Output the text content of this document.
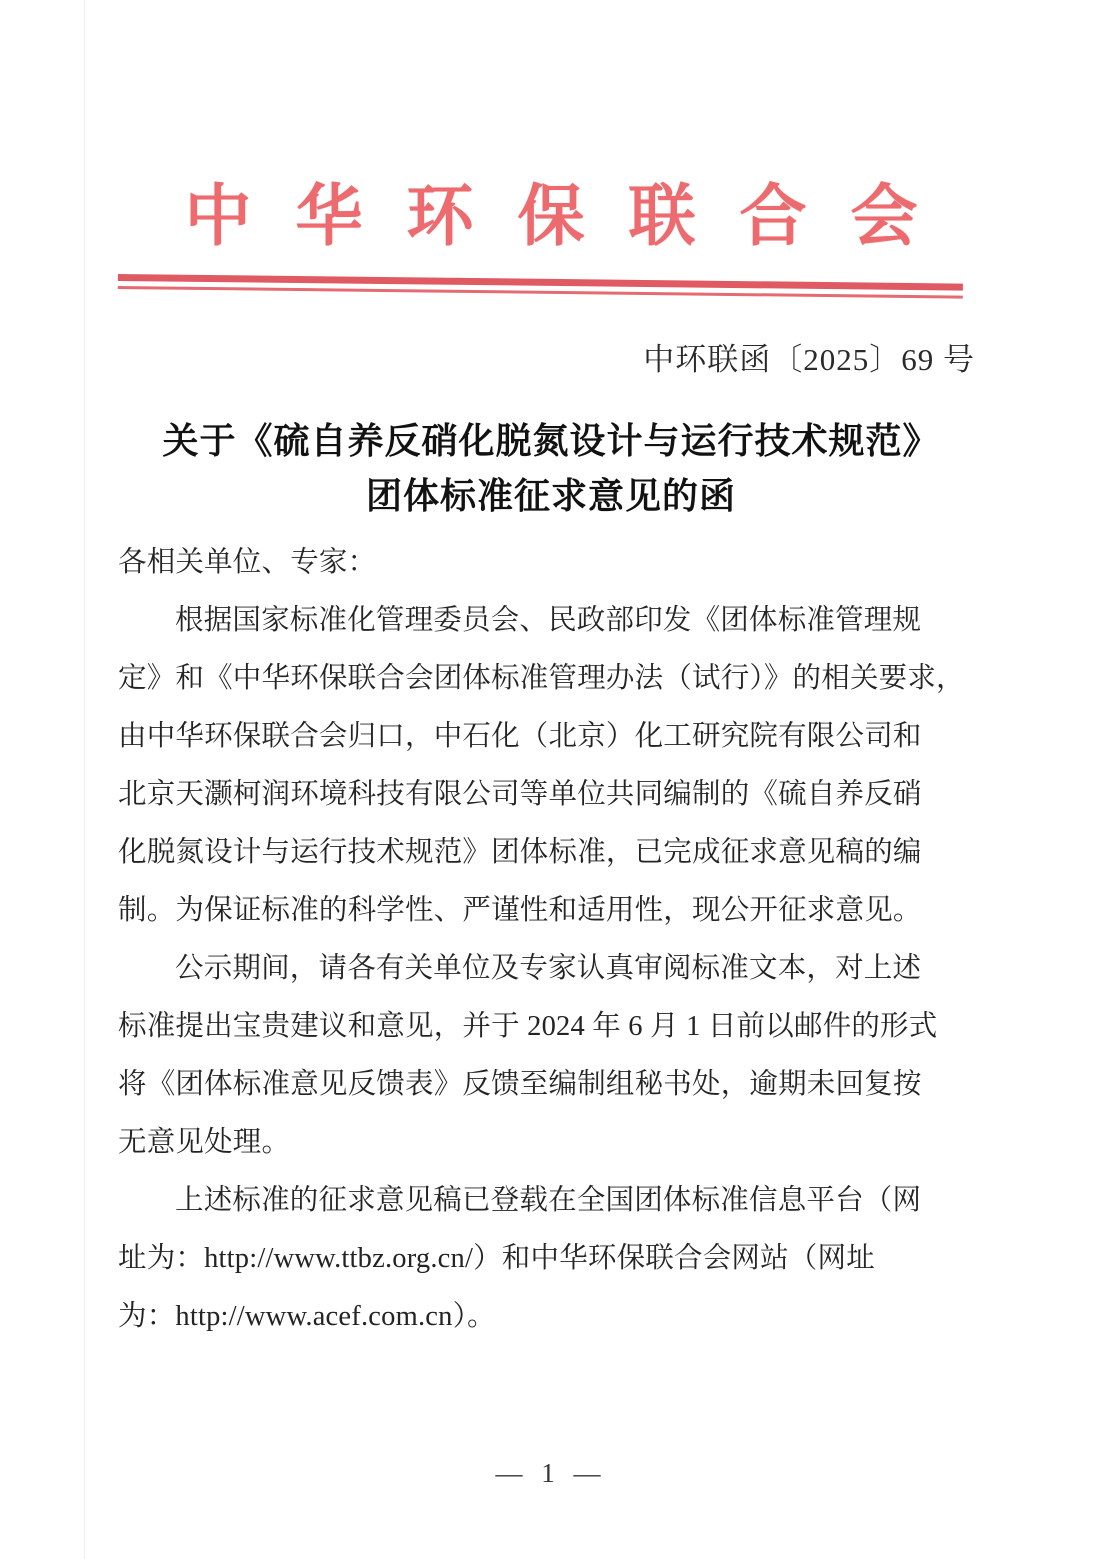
中华环保联合会
中环联函〔2025〕69 号
关于《硫自养反硝化脱氮设计与运行技术规范》
团体标准征求意见的函
各相关单位、专家：
根据国家标准化管理委员会、民政部印发《团体标准管理规
定》和《中华环保联合会团体标准管理办法（试行）》的相关要求，
由中华环保联合会归口，中石化（北京）化工研究院有限公司和
北京天灏柯润环境科技有限公司等单位共同编制的《硫自养反硝
化脱氮设计与运行技术规范》团体标准，已完成征求意见稿的编
制。为保证标准的科学性、严谨性和适用性，现公开征求意见。
公示期间，请各有关单位及专家认真审阅标准文本，对上述
标准提出宝贵建议和意见，并于 2024 年 6 月 1 日前以邮件的形式
将《团体标准意见反馈表》反馈至编制组秘书处，逾期未回复按
无意见处理。
上述标准的征求意见稿已登载在全国团体标准信息平台（网
址为：http://www.ttbz.org.cn/）和中华环保联合会网站（网址
为：http://www.acef.com.cn）。
— 1 —
